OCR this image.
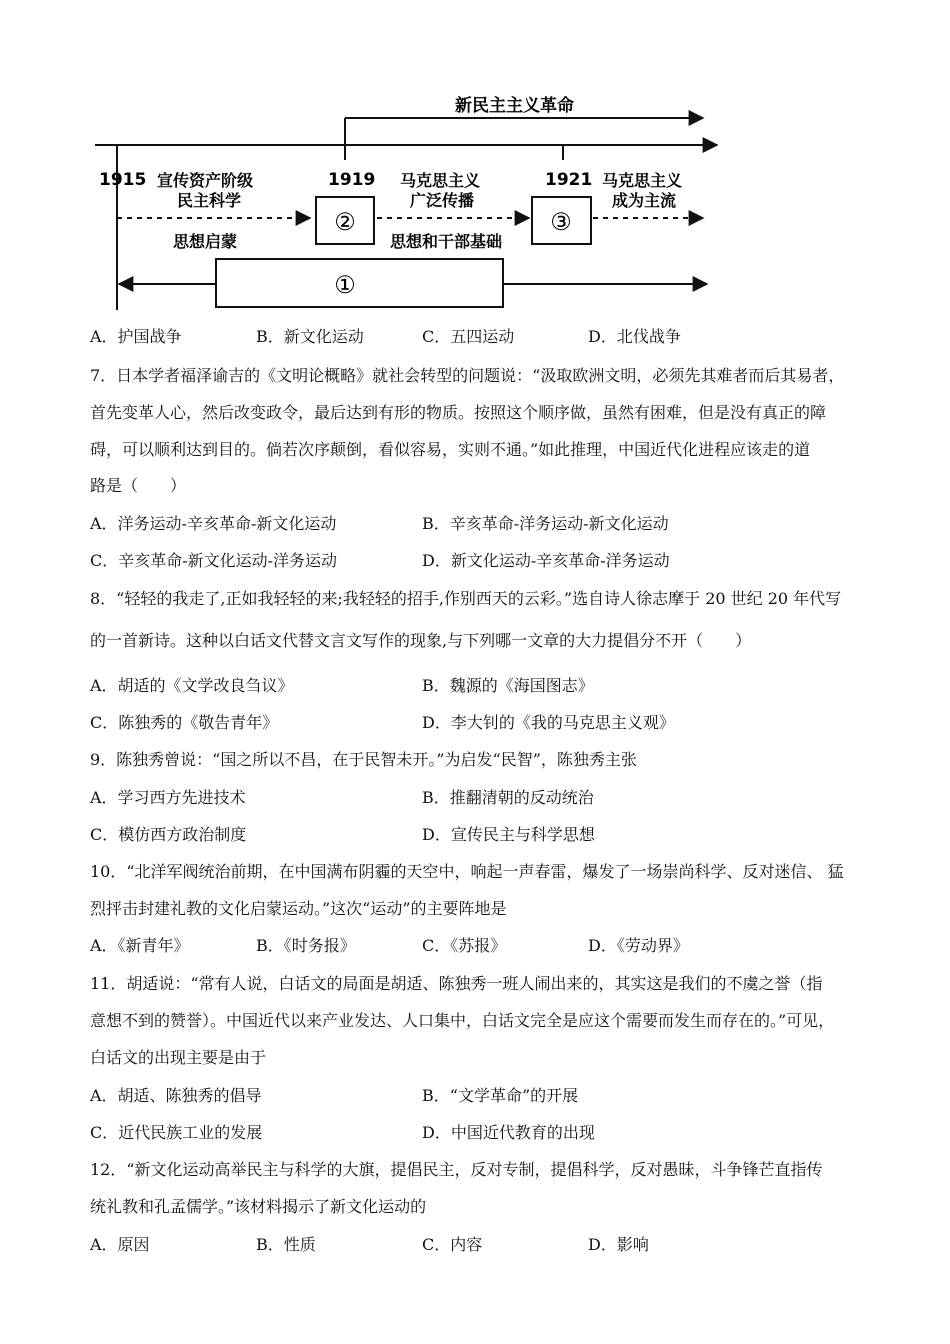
新民主主义革命
1915	1919	1921
宣传资产阶级
民主科学
马克思主义
广泛传播
马克思主义
成为主流
②	③
思想启蒙	思想和干部基础
①
A．护国战争	B．新文化运动	C．五四运动	D．北伐战争
7．日本学者福泽谕吉的《文明论概略》就社会转型的问题说：“汲取欧洲文明，必须先其难者而后其易者，
首先变革人心，然后改变政令，最后达到有形的物质。按照这个顺序做，虽然有困难，但是没有真正的障
碍，可以顺利达到目的。倘若次序颠倒，看似容易，实则不通。”如此推理，中国近代化进程应该走的道
路是（　　）
A．洋务运动-辛亥革命-新文化运动	B．辛亥革命-洋务运动-新文化运动
C．辛亥革命-新文化运动-洋务运动	D．新文化运动-辛亥革命-洋务运动
8．“轻轻的我走了,正如我轻轻的来;我轻轻的招手,作别西天的云彩。”选自诗人徐志摩于 20 世纪 20 年代写
的一首新诗。这种以白话文代替文言文写作的现象,与下列哪一文章的大力提倡分不开（　　）
A．胡适的《文学改良刍议》	B．魏源的《海国图志》
C．陈独秀的《敬告青年》	D．李大钊的《我的马克思主义观》
9．陈独秀曾说：“国之所以不昌，在于民智未开。”为启发“民智”，陈独秀主张
A．学习西方先进技术	B．推翻清朝的反动统治
C．模仿西方政治制度	D．宣传民主与科学思想
10．“北洋军阀统治前期，在中国满布阴霾的天空中，响起一声春雷，爆发了一场崇尚科学、反对迷信、 猛
烈抨击封建礼教的文化启蒙运动。”这次“运动”的主要阵地是
A．《新青年》	B．《时务报》	C．《苏报》	D．《劳动界》
11．胡适说：“常有人说，白话文的局面是胡适、陈独秀一班人闹出来的，其实这是我们的不虞之誉（指
意想不到的赞誉）。中国近代以来产业发达、人口集中，白话文完全是应这个需要而发生而存在的。”可见，
白话文的出现主要是由于
A．胡适、陈独秀的倡导	B．“文学革命”的开展
C．近代民族工业的发展	D．中国近代教育的出现
12．“新文化运动高举民主与科学的大旗，提倡民主，反对专制，提倡科学，反对愚昧，斗争锋芒直指传
统礼教和孔孟儒学。”该材料揭示了新文化运动的
A．原因	B．性质	C．内容	D．影响
